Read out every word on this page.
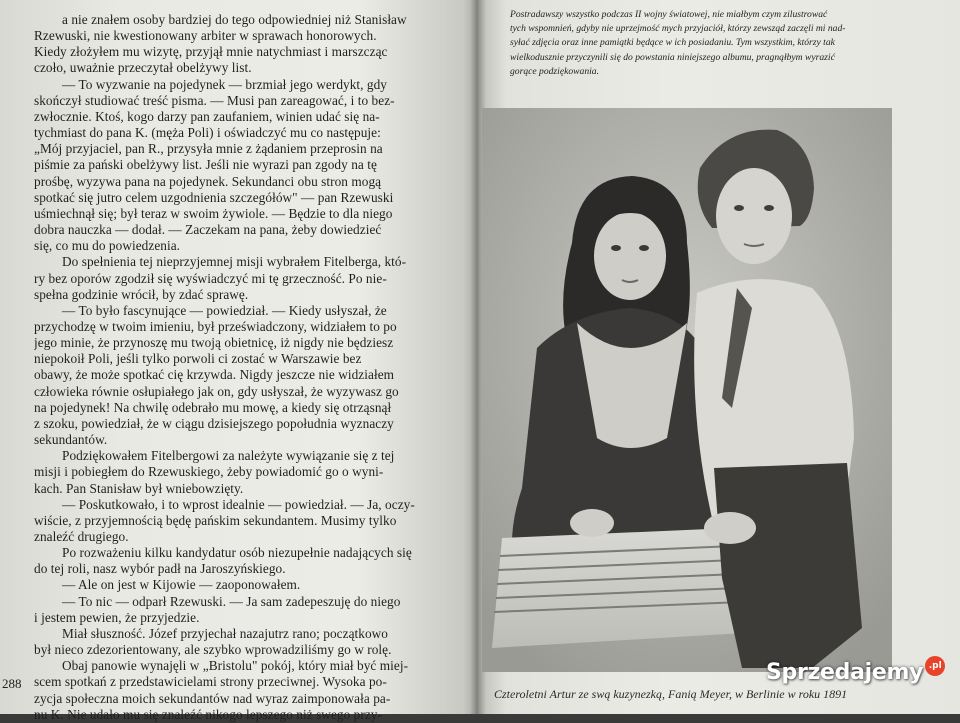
a nie znałem osoby bardziej do tego odpowiedniej niż Stanisław
Rzewuski, nie kwestionowany arbiter w sprawach honorowych.
Kiedy złożyłem mu wizytę, przyjął mnie natychmiast i marszcząc
czoło, uważnie przeczytał obelżywy list.
— To wyzwanie na pojedynek — brzmiał jego werdykt, gdy
skończył studiować treść pisma. — Musi pan zareagować, i to bez-
zwłocznie. Ktoś, kogo darzy pan zaufaniem, winien udać się na-
tychmiast do pana K. (męża Poli) i oświadczyć mu co następuje:
„Mój przyjaciel, pan R., przysyła mnie z żądaniem przeprosin na
piśmie za pański obelżywy list. Jeśli nie wyrazi pan zgody na tę
prośbę, wyzywa pana na pojedynek. Sekundanci obu stron mogą
spotkać się jutro celem uzgodnienia szczegółów" — pan Rzewuski
uśmiechnął się; był teraz w swoim żywiole. — Będzie to dla niego
dobra nauczka — dodał. — Zaczekam na pana, żeby dowiedzieć
się, co mu do powiedzenia.
Do spełnienia tej nieprzyjemnej misji wybrałem Fitelberga, któ-
ry bez oporów zgodził się wyświadczyć mi tę grzeczność. Po nie-
spełna godzinie wrócił, by zdać sprawę.
— To było fascynujące — powiedział. — Kiedy usłyszał, że
przychodzę w twoim imieniu, był przeświadczony, widziałem to po
jego minie, że przynoszę mu twoją obietnicę, iż nigdy nie będziesz
niepokoił Poli, jeśli tylko porwoli ci zostać w Warszawie bez
obawy, że może spotkać cię krzywda. Nigdy jeszcze nie widziałem
człowieka równie osłupiałego jak on, gdy usłyszał, że wyzywasz go
na pojedynek! Na chwilę odebrało mu mowę, a kiedy się otrząsnął
z szoku, powiedział, że w ciągu dzisiejszego popołudnia wyznaczy
sekundantów.
Podziękowałem Fitelbergowi za należyte wywiązanie się z tej
misji i pobiegłem do Rzewuskiego, żeby powiadomić go o wyni-
kach. Pan Stanisław był wniebowzięty.
— Poskutkowało, i to wprost idealnie — powiedział. — Ja, oczy-
wiście, z przyjemnością będę pańskim sekundantem. Musimy tylko
znaleźć drugiego.
Po rozważeniu kilku kandydatur osób niezupełnie nadających się
do tej roli, nasz wybór padł na Jaroszyńskiego.
— Ale on jest w Kijowie — zaoponowałem.
— To nic — odparł Rzewuski. — Ja sam zadepeszuję do niego
i jestem pewien, że przyjedzie.
Miał słuszność. Józef przyjechał nazajutrz rano; początkowo
był nieco zdezorientowany, ale szybko wprowadziliśmy go w rolę.
Obaj panowie wynajęli w „Bristolu" pokój, który miał być miej-
scem spotkań z przedstawicielami strony przeciwnej. Wysoka po-
zycja społeczna moich sekundantów nad wyraz zaimponowała pa-
nu K. Nie udało mu się znaleźć nikogo lepszego niż swego przy-
288
Postradawszy wszystko podczas II wojny światowej, nie miałbym czym zilustrować
tych wspomnień, gdyby nie uprzejmość mych przyjaciół, którzy zewsząd zaczęli mi nad-
syłać zdjęcia oraz inne pamiątki będące w ich posiadaniu. Tym wszystkim, którzy tak
wielkodusznie przyczynili się do powstania niniejszego albumu, pragnąłbym wyrazić
gorące podziękowania.
Czteroletni Artur ze swą kuzynezką, Fanią Meyer, w Berlinie w roku 1891
Sprzedajemy .pl
